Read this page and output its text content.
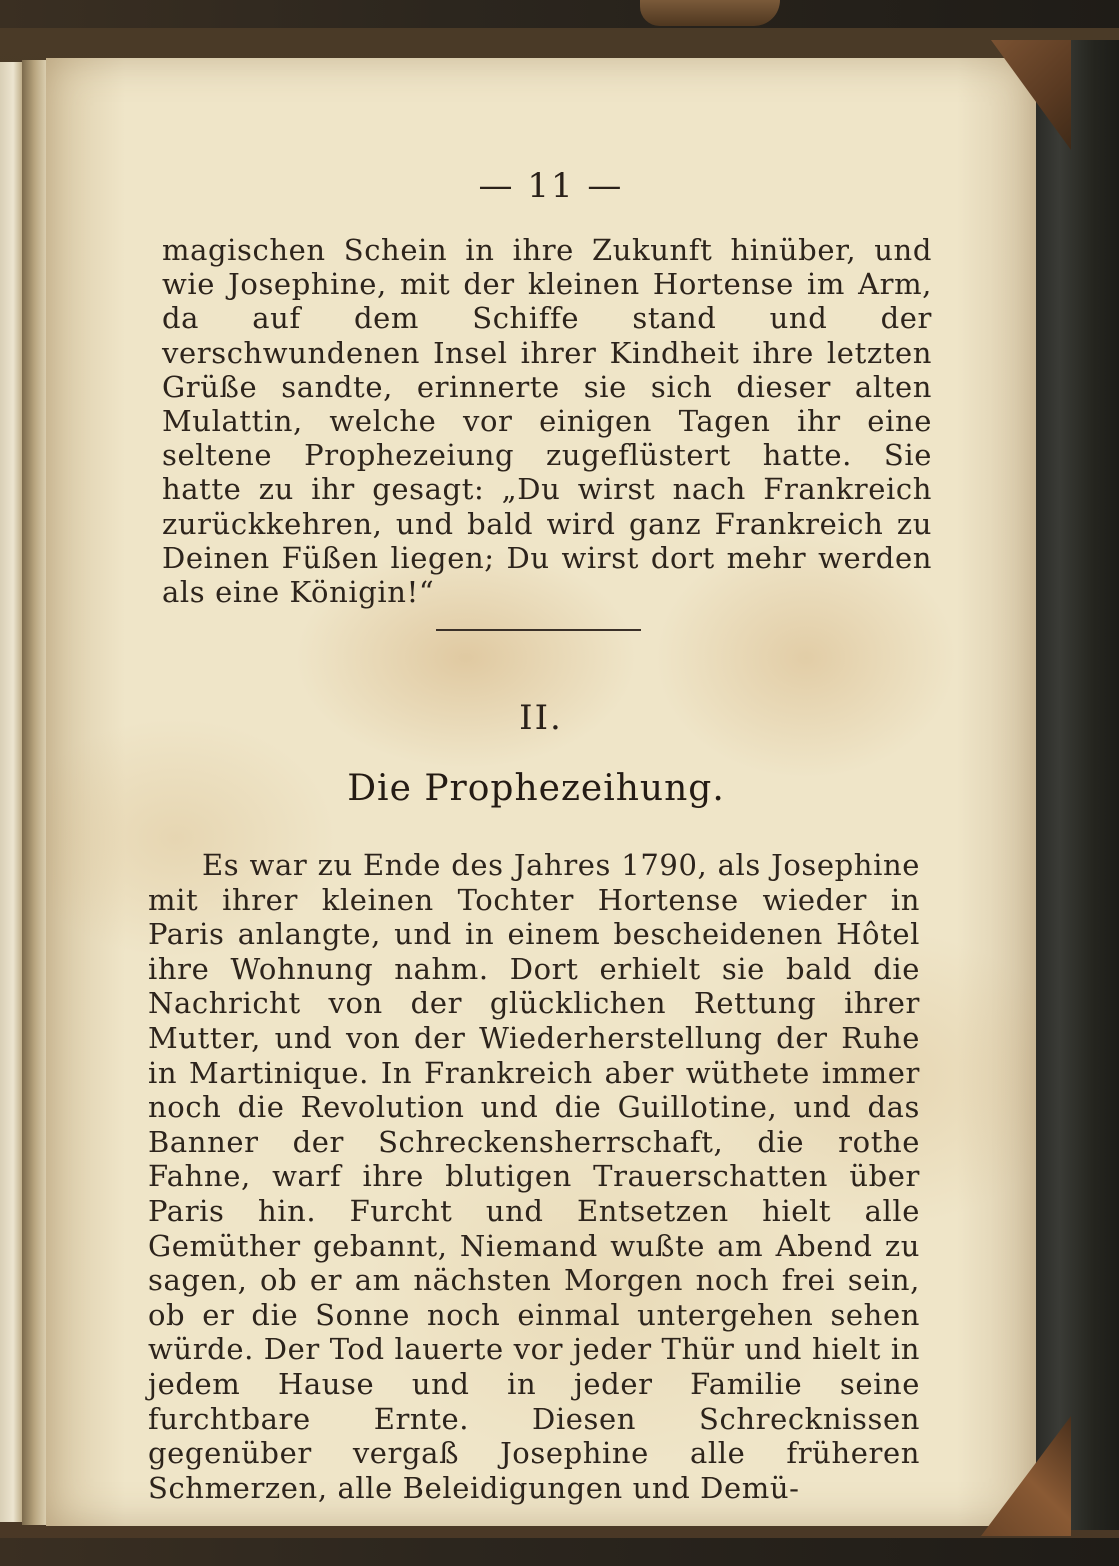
— 11 —
magischen Schein in ihre Zukunft hinüber, und wie Josephine, mit der kleinen Hortense im Arm, da auf dem Schiffe stand und der verschwundenen Insel ihrer Kindheit ihre letzten Grüße sandte, erinnerte sie sich dieser alten Mulattin, welche vor einigen Tagen ihr eine seltene Prophezeiung zugeflüstert hatte. Sie hatte zu ihr gesagt: „Du wirst nach Frankreich zurückkehren, und bald wird ganz Frankreich zu Deinen Füßen liegen; Du wirst dort mehr werden als eine Königin!“
II.
Die Prophezeihung.
Es war zu Ende des Jahres 1790, als Josephine mit ihrer kleinen Tochter Hortense wieder in Paris anlangte, und in einem bescheidenen Hôtel ihre Wohnung nahm. Dort erhielt sie bald die Nachricht von der glücklichen Rettung ihrer Mutter, und von der Wiederherstellung der Ruhe in Martinique. In Frankreich aber wüthete immer noch die Revolution und die Guillotine, und das Banner der Schreckensherrschaft, die rothe Fahne, warf ihre blutigen Trauerschatten über Paris hin. Furcht und Entsetzen hielt alle Gemüther gebannt, Niemand wußte am Abend zu sagen, ob er am nächsten Morgen noch frei sein, ob er die Sonne noch einmal untergehen sehen würde. Der Tod lauerte vor jeder Thür und hielt in jedem Hause und in jeder Familie seine furchtbare Ernte. Diesen Schrecknissen gegenüber vergaß Josephine alle früheren Schmerzen, alle Beleidigungen und Demü-
